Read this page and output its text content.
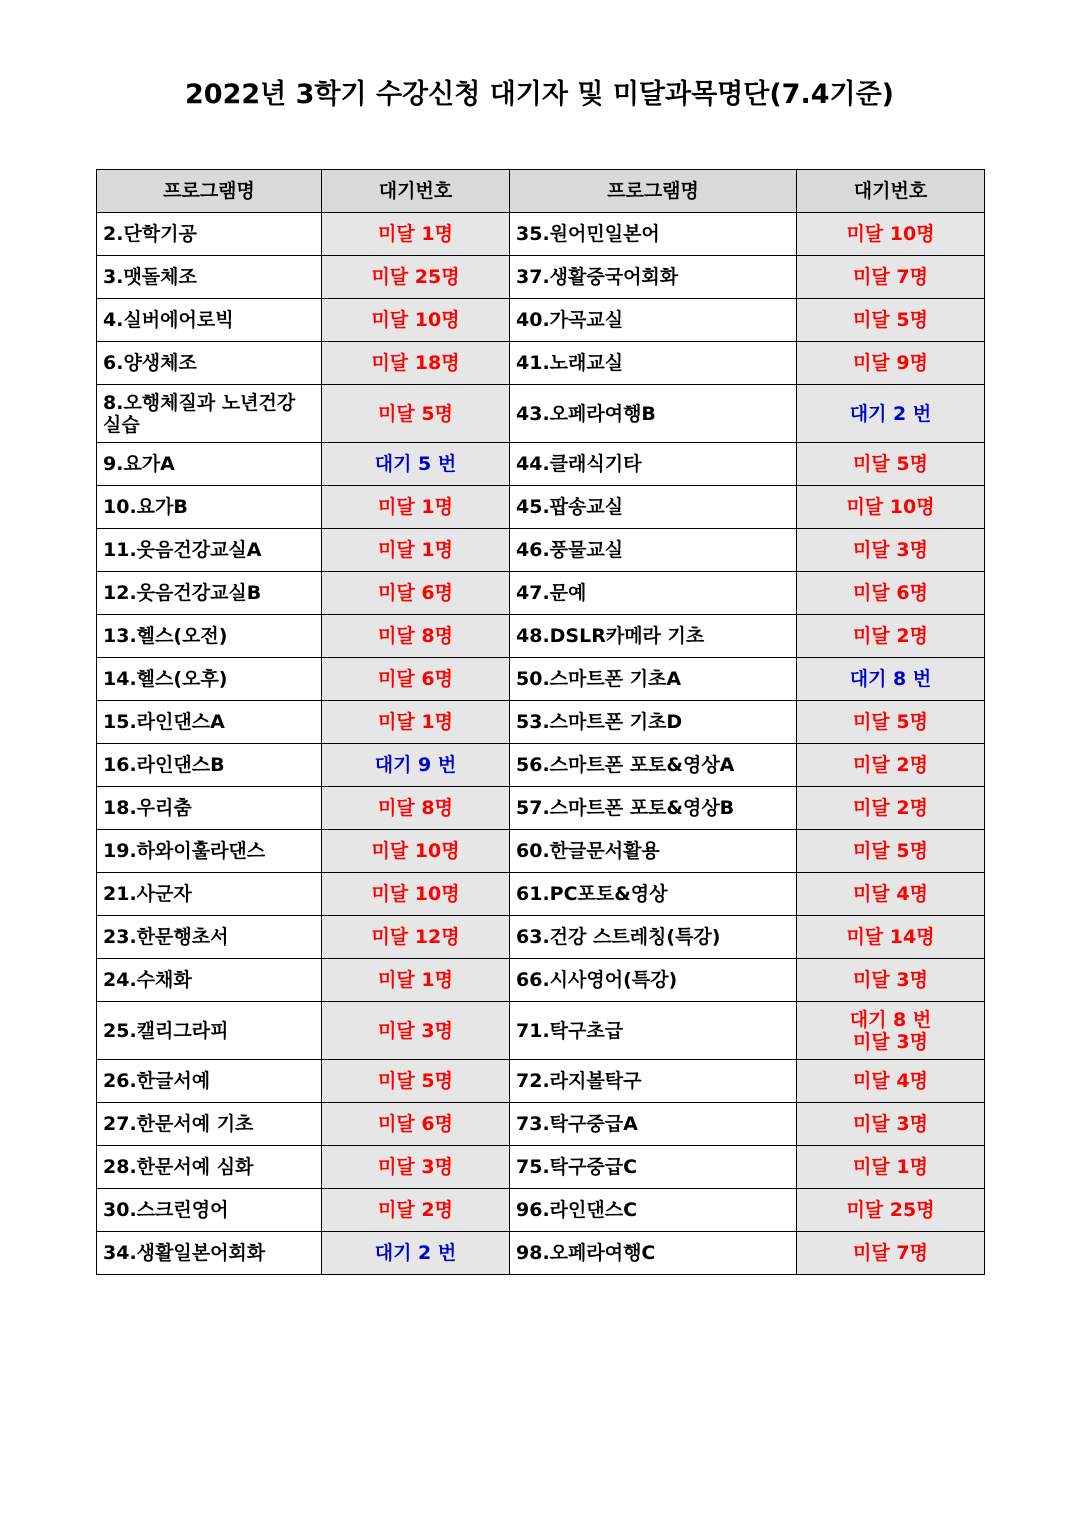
2022년 3학기 수강신청 대기자 및 미달과목명단(7.4기준)
프로그램명	대기번호	프로그램명	대기번호
2.단학기공	미달 1명	35.원어민일본어	미달 10명

3.맷돌체조	미달 25명	37.생활중국어회화	미달 7명

4.실버에어로빅	미달 10명	40.가곡교실	미달 5명

6.양생체조	미달 18명	41.노래교실	미달 9명

8.오행체질과 노년건강 실습	미달 5명	43.오페라여행B	대기 2 번

9.요가A	대기 5 번	44.클래식기타	미달 5명

10.요가B	미달 1명	45.팝송교실	미달 10명

11.웃음건강교실A	미달 1명	46.풍물교실	미달 3명

12.웃음건강교실B	미달 6명	47.문예	미달 6명

13.헬스(오전)	미달 8명	48.DSLR카메라 기초	미달 2명

14.헬스(오후)	미달 6명	50.스마트폰 기초A	대기 8 번

15.라인댄스A	미달 1명	53.스마트폰 기초D	미달 5명

16.라인댄스B	대기 9 번	56.스마트폰 포토&영상A	미달 2명

18.우리춤	미달 8명	57.스마트폰 포토&영상B	미달 2명

19.하와이훌라댄스	미달 10명	60.한글문서활용	미달 5명

21.사군자	미달 10명	61.PC포토&영상	미달 4명

23.한문행초서	미달 12명	63.건강 스트레칭(특강)	미달 14명

24.수채화	미달 1명	66.시사영어(특강)	미달 3명

25.캘리그라피	미달 3명	71.탁구초급	대기 8 번
미달 3명

26.한글서예	미달 5명	72.라지볼탁구	미달 4명

27.한문서예 기초	미달 6명	73.탁구중급A	미달 3명

28.한문서예 심화	미달 3명	75.탁구중급C	미달 1명

30.스크린영어	미달 2명	96.라인댄스C	미달 25명

34.생활일본어회화	대기 2 번	98.오페라여행C	미달 7명
